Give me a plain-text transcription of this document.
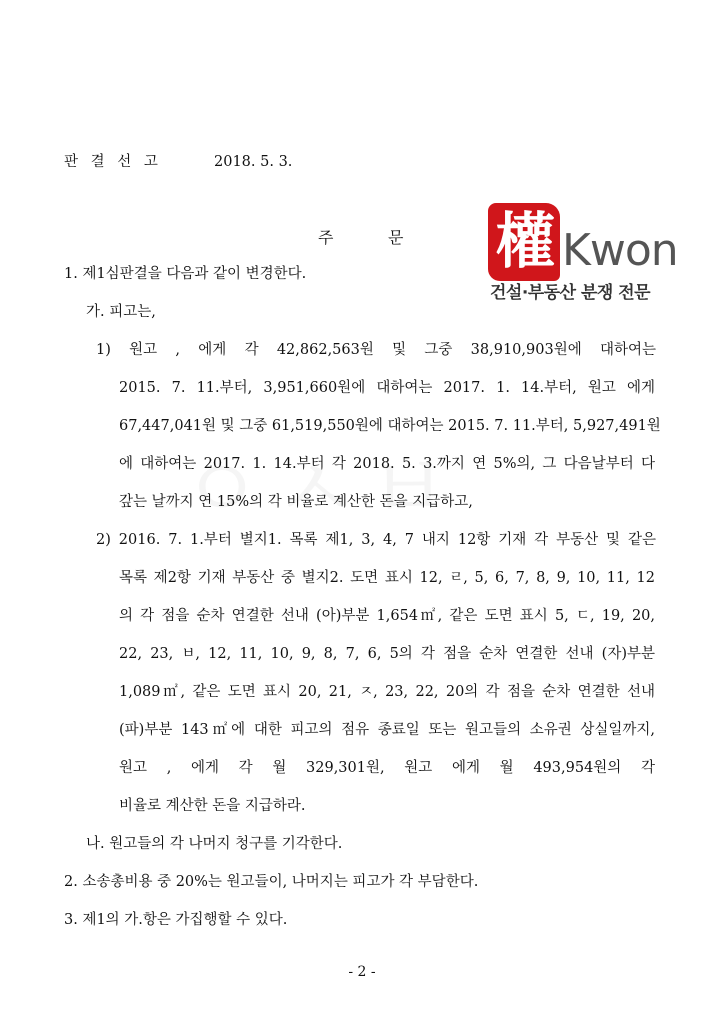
판 결 선 고	2018. 5. 3.
주	문 權 Kwon
건설·부동산 분쟁 전문
1. 제1심판결을 다음과 같이 변경한다.
가. 피고는,
1) 원고 , 에게 각 42,862,563원 및 그중 38,910,903원에 대하여는
2015. 7. 11.부터, 3,951,660원에 대하여는 2017. 1. 14.부터, 원고 에게
67,447,041원 및 그중 61,519,550원에 대하여는 2015. 7. 11.부터, 5,927,491원
에 대하여는 2017. 1. 14.부터 각 2018. 5. 3.까지 연 5%의, 그 다음날부터 다
갚는 날까지 연 15%의 각 비율로 계산한 돈을 지급하고,
2) 2016. 7. 1.부터 별지1. 목록 제1, 3, 4, 7 내지 12항 기재 각 부동산 및 같은
목록 제2항 기재 부동산 중 별지2. 도면 표시 12, ㄹ, 5, 6, 7, 8, 9, 10, 11, 12
의 각 점을 순차 연결한 선내 (아)부분 1,654㎡, 같은 도면 표시 5, ㄷ, 19, 20,
22, 23, ㅂ, 12, 11, 10, 9, 8, 7, 6, 5의 각 점을 순차 연결한 선내 (자)부분
1,089㎡, 같은 도면 표시 20, 21, ㅈ, 23, 22, 20의 각 점을 순차 연결한 선내
(파)부분 143㎡에 대한 피고의 점유 종료일 또는 원고들의 소유권 상실일까지,
원고 , 에게 각 월 329,301원, 원고 에게 월 493,954원의 각
비율로 계산한 돈을 지급하라.
나. 원고들의 각 나머지 청구를 기각한다.
2. 소송총비용 중 20%는 원고들이, 나머지는 피고가 각 부담한다.
3. 제1의 가.항은 가집행할 수 있다.
- 2 -
